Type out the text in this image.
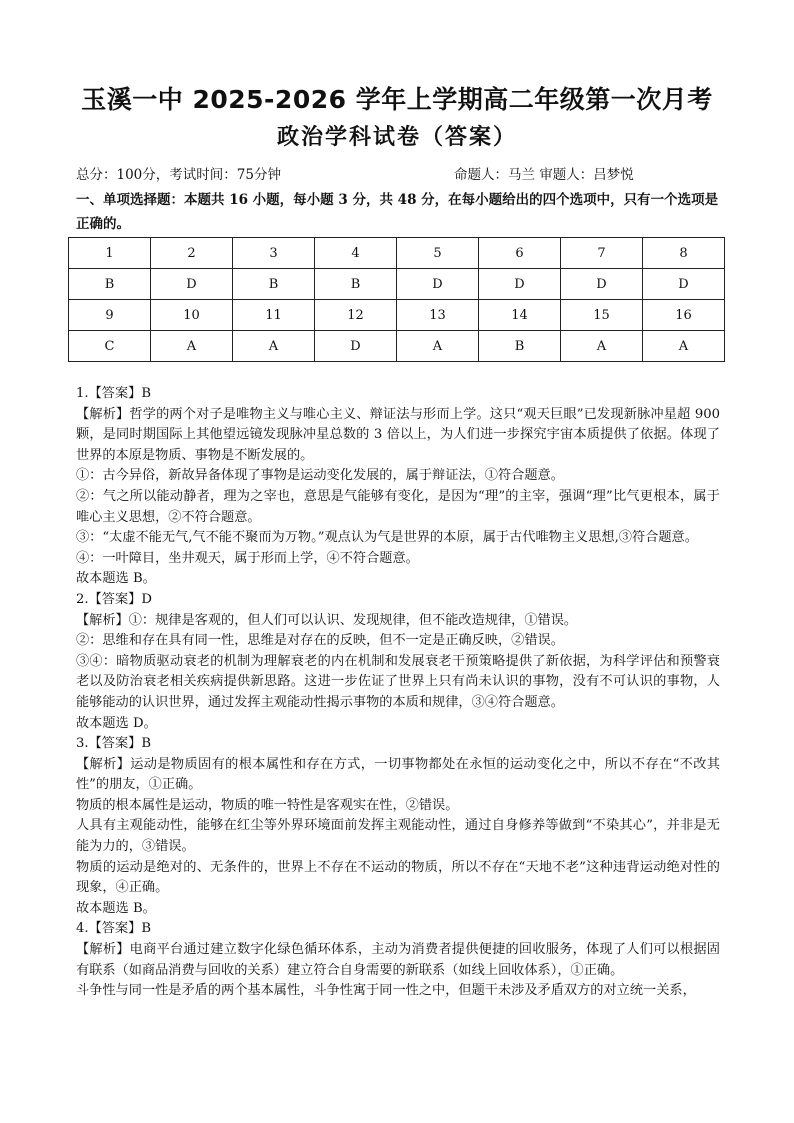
玉溪一中 2025-2026 学年上学期高二年级第一次月考
政治学科试卷（答案）
总分：100分，考试时间：75分钟	命题人：马兰 审题人：吕梦悦
一、单项选择题：本题共 16 小题，每小题 3 分，共 48 分，在每小题给出的四个选项中，只有一个选项是正确的。
1	2	3	4	5	6	7	8
B	D	B	B	D	D	D	D
9	10	11	12	13	14	15	16
C	A	A	D	A	B	A	A

1.【答案】B

【解析】哲学的两个对子是唯物主义与唯心主义、辩证法与形而上学。这只“观天巨眼”已发现新脉冲星超 900 颗，是同时期国际上其他望远镜发现脉冲星总数的 3 倍以上，为人们进一步探究宇宙本质提供了依据。体现了世界的本原是物质、事物是不断发展的。

①：古今异俗，新故异备体现了事物是运动变化发展的，属于辩证法，①符合题意。

②：气之所以能动静者，理为之宰也，意思是气能够有变化，是因为“理”的主宰，强调“理”比气更根本，属于唯心主义思想，②不符合题意。

③：“太虚不能无气,气不能不聚而为万物。”观点认为气是世界的本原，属于古代唯物主义思想,③符合题意。

④：一叶障目，坐井观天，属于形而上学，④不符合题意。

故本题选 B。

2.【答案】D

【解析】①：规律是客观的，但人们可以认识、发现规律，但不能改造规律，①错误。

②：思维和存在具有同一性，思维是对存在的反映，但不一定是正确反映，②错误。

③④：暗物质驱动衰老的机制为理解衰老的内在机制和发展衰老干预策略提供了新依据，为科学评估和预警衰老以及防治衰老相关疾病提供新思路。这进一步佐证了世界上只有尚未认识的事物，没有不可认识的事物，人能够能动的认识世界，通过发挥主观能动性揭示事物的本质和规律，③④符合题意。

故本题选 D。

3.【答案】B

【解析】运动是物质固有的根本属性和存在方式，一切事物都处在永恒的运动变化之中，所以不存在“不改其性”的朋友，①正确。

物质的根本属性是运动，物质的唯一特性是客观实在性，②错误。

人具有主观能动性，能够在红尘等外界环境面前发挥主观能动性，通过自身修养等做到“不染其心”，并非是无能为力的，③错误。

物质的运动是绝对的、无条件的，世界上不存在不运动的物质，所以不存在“天地不老”这种违背运动绝对性的现象，④正确。

故本题选 B。

4.【答案】B

【解析】电商平台通过建立数字化绿色循环体系，主动为消费者提供便捷的回收服务，体现了人们可以根据固有联系（如商品消费与回收的关系）建立符合自身需要的新联系（如线上回收体系），①正确。

斗争性与同一性是矛盾的两个基本属性，斗争性寓于同一性之中，但题干未涉及矛盾双方的对立统一关系，
